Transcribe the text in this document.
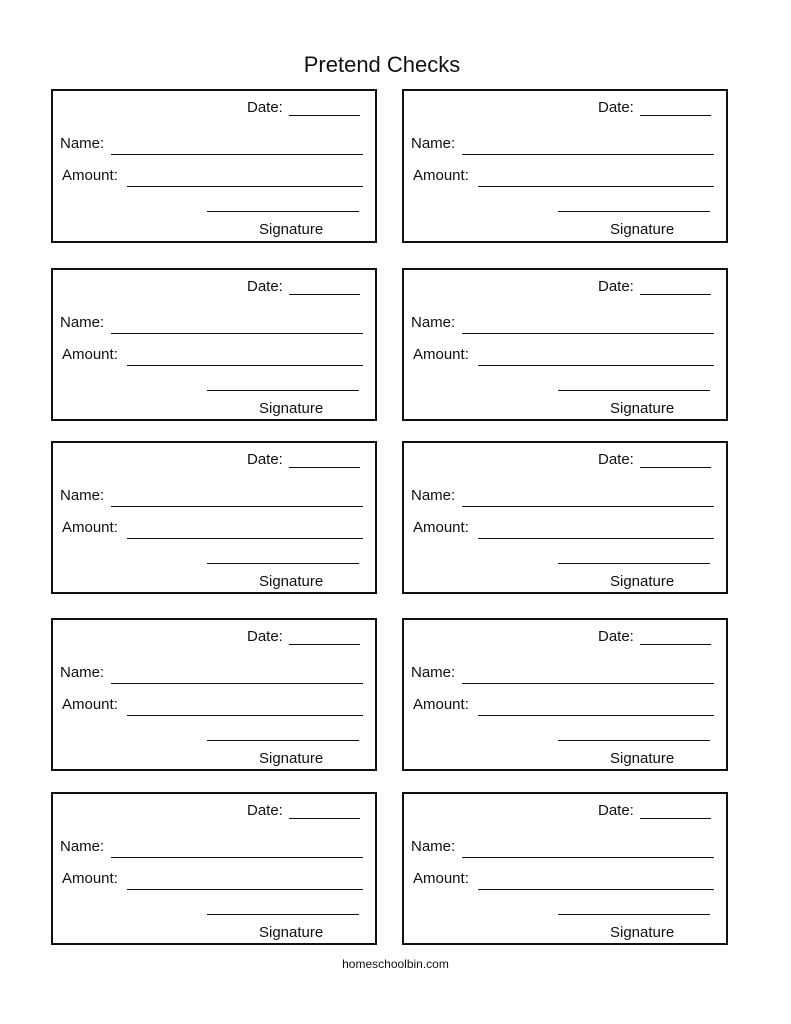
Pretend Checks
Date:
Name:
Amount:
Signature
Date:
Name:
Amount:
Signature
Date:
Name:
Amount:
Signature
Date:
Name:
Amount:
Signature
Date:
Name:
Amount:
Signature
Date:
Name:
Amount:
Signature
Date:
Name:
Amount:
Signature
Date:
Name:
Amount:
Signature
Date:
Name:
Amount:
Signature
Date:
Name:
Amount:
Signature
homeschoolbin.com
